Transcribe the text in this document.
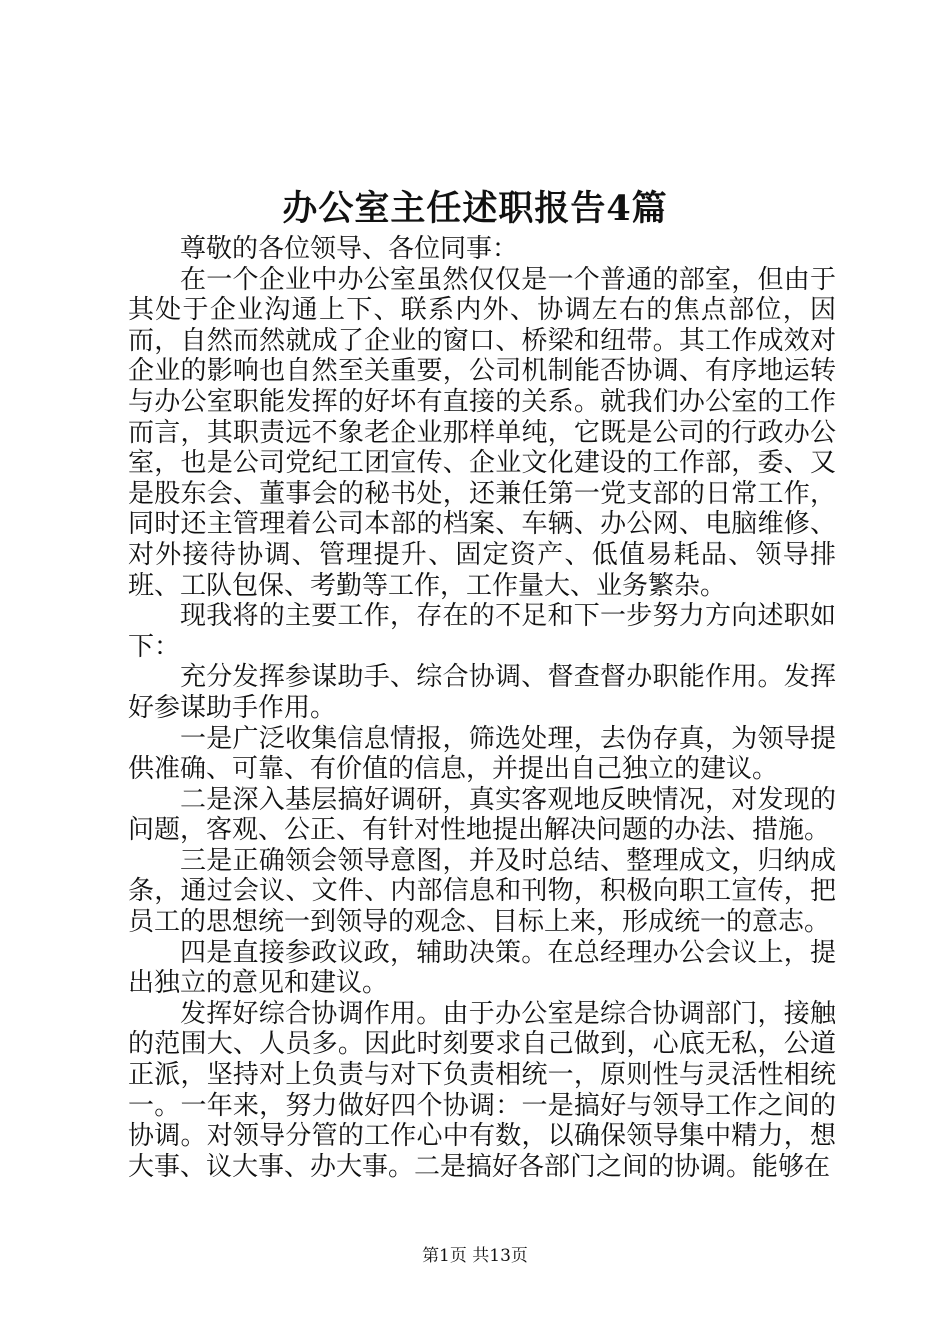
办公室主任述职报告4篇

尊敬的各位领导、各位同事：

在一个企业中办公室虽然仅仅是一个普通的部室，但由于其处于企业沟通上下、联系内外、协调左右的焦点部位，因而，自然而然就成了企业的窗口、桥梁和纽带。其工作成效对企业的影响也自然至关重要，公司机制能否协调、有序地运转与办公室职能发挥的好坏有直接的关系。就我们办公室的工作而言，其职责远不象老企业那样单纯，它既是公司的行政办公室，也是公司党纪工团宣传、企业文化建设的工作部，委、又是股东会、董事会的秘书处，还兼任第一党支部的日常工作，同时还主管理着公司本部的档案、车辆、办公网、电脑维修、对外接待协调、管理提升、固定资产、低值易耗品、领导排班、工队包保、考勤等工作，工作量大、业务繁杂。

现我将的主要工作，存在的不足和下一步努力方向述职如下：

充分发挥参谋助手、综合协调、督查督办职能作用。发挥好参谋助手作用。

一是广泛收集信息情报，筛选处理，去伪存真，为领导提供准确、可靠、有价值的信息，并提出自己独立的建议。

二是深入基层搞好调研，真实客观地反映情况，对发现的问题，客观、公正、有针对性地提出解决问题的办法、措施。

三是正确领会领导意图，并及时总结、整理成文，归纳成条，通过会议、文件、内部信息和刊物，积极向职工宣传，把员工的思想统一到领导的观念、目标上来，形成统一的意志。

四是直接参政议政，辅助决策。在总经理办公会议上，提出独立的意见和建议。

发挥好综合协调作用。由于办公室是综合协调部门，接触的范围大、人员多。因此时刻要求自己做到，心底无私，公道正派，坚持对上负责与对下负责相统一，原则性与灵活性相统一。一年来，努力做好四个协调：一是搞好与领导工作之间的协调。对领导分管的工作心中有数，以确保领导集中精力，想大事、议大事、办大事。二是搞好各部门之间的协调。能够在

第1页 共13页
